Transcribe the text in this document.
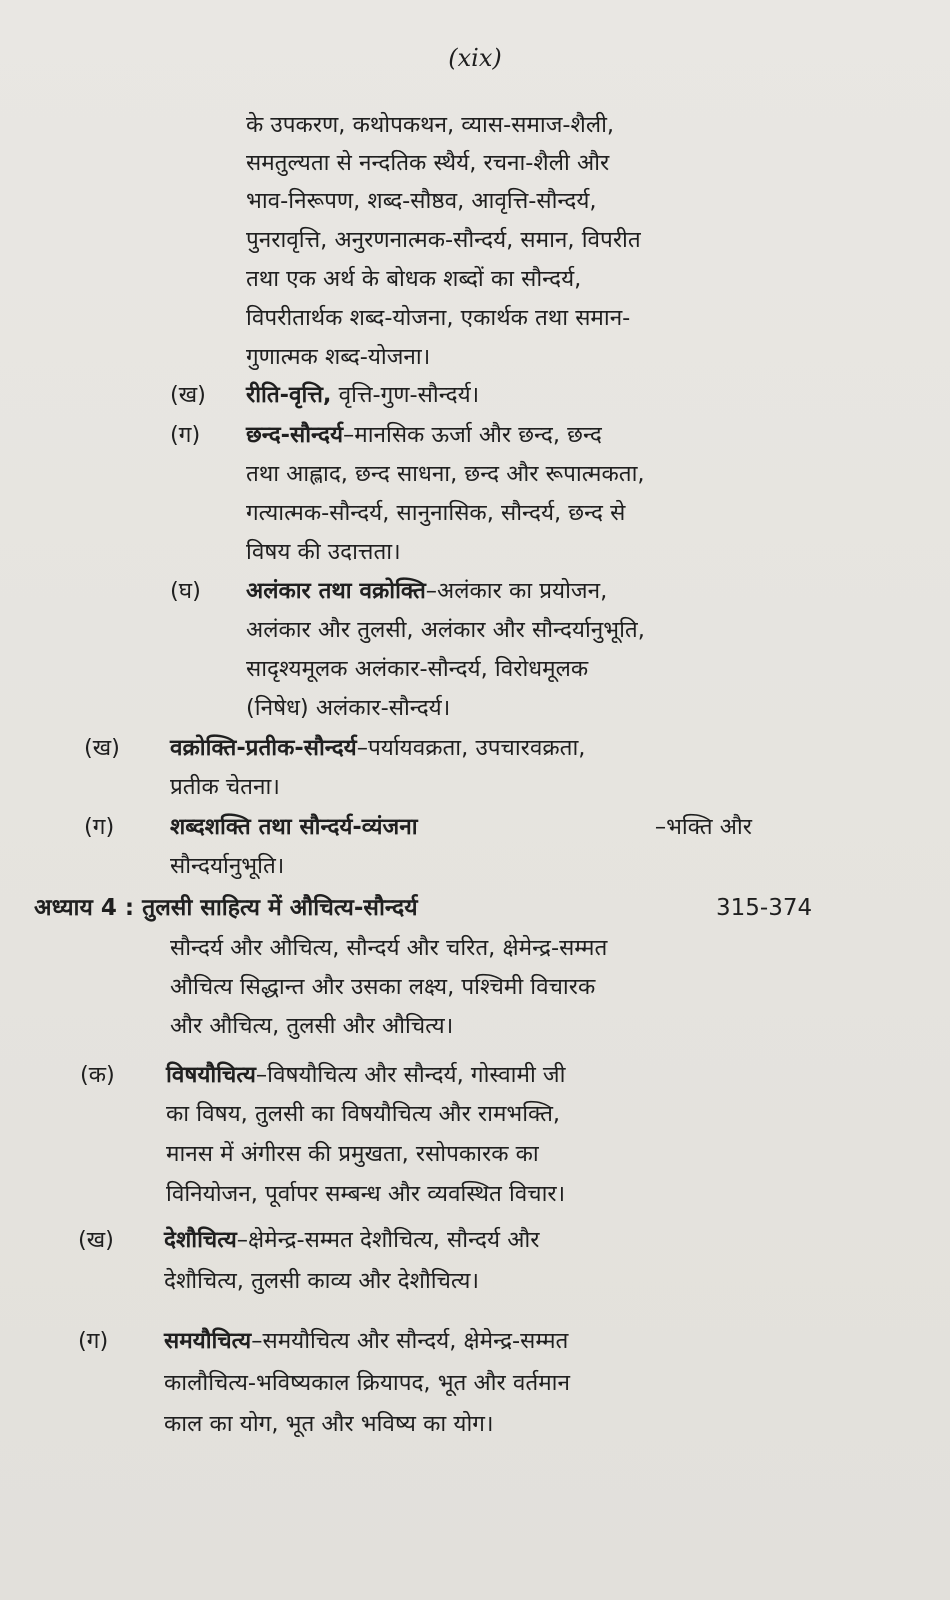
(xix)
के उपकरण, कथोपकथन, व्यास-समाज-शैली,
समतुल्यता से नन्दतिक स्थैर्य, रचना-शैली और
भाव-निरूपण, शब्द-सौष्ठव, आवृत्ति-सौन्दर्य,
पुनरावृत्ति, अनुरणनात्मक-सौन्दर्य, समान, विपरीत
तथा एक अर्थ के बोधक शब्दों का सौन्दर्य,
विपरीतार्थक शब्द-योजना, एकार्थक तथा समान-
गुणात्मक शब्द-योजना।
(ख) रीति-वृत्ति, वृत्ति-गुण-सौन्दर्य।
(ग) छन्द-सौन्दर्य–मानसिक ऊर्जा और छन्द, छन्द
तथा आह्लाद, छन्द साधना, छन्द और रूपात्मकता,
गत्यात्मक-सौन्दर्य, सानुनासिक, सौन्दर्य, छन्द से
विषय की उदात्तता।
(घ) अलंकार तथा वक्रोक्ति–अलंकार का प्रयोजन,
अलंकार और तुलसी, अलंकार और सौन्दर्यानुभूति,
सादृश्यमूलक अलंकार-सौन्दर्य, विरोधमूलक
(निषेध) अलंकार-सौन्दर्य।
(ख) वक्रोक्ति-प्रतीक-सौन्दर्य–पर्यायवक्रता, उपचारवक्रता,
प्रतीक चेतना।
(ग) शब्दशक्ति तथा सौन्दर्य-व्यंजना	–भक्ति और
सौन्दर्यानुभूति।
अध्याय 4 : तुलसी साहित्य में औचित्य-सौन्दर्य	315-374
सौन्दर्य और औचित्य, सौन्दर्य और चरित, क्षेमेन्द्र-सम्मत
औचित्य सिद्धान्त और उसका लक्ष्य, पश्चिमी विचारक
और औचित्य, तुलसी और औचित्य।
(क) विषयौचित्य–विषयौचित्य और सौन्दर्य, गोस्वामी जी
का विषय, तुलसी का विषयौचित्य और रामभक्ति,
मानस में अंगीरस की प्रमुखता, रसोपकारक का
विनियोजन, पूर्वापर सम्बन्ध और व्यवस्थित विचार।
(ख) देशौचित्य–क्षेमेन्द्र-सम्मत देशौचित्य, सौन्दर्य और
देशौचित्य, तुलसी काव्य और देशौचित्य।
(ग) समयौचित्य–समयौचित्य और सौन्दर्य, क्षेमेन्द्र-सम्मत
कालौचित्य-भविष्यकाल क्रियापद, भूत और वर्तमान
काल का योग, भूत और भविष्य का योग।
